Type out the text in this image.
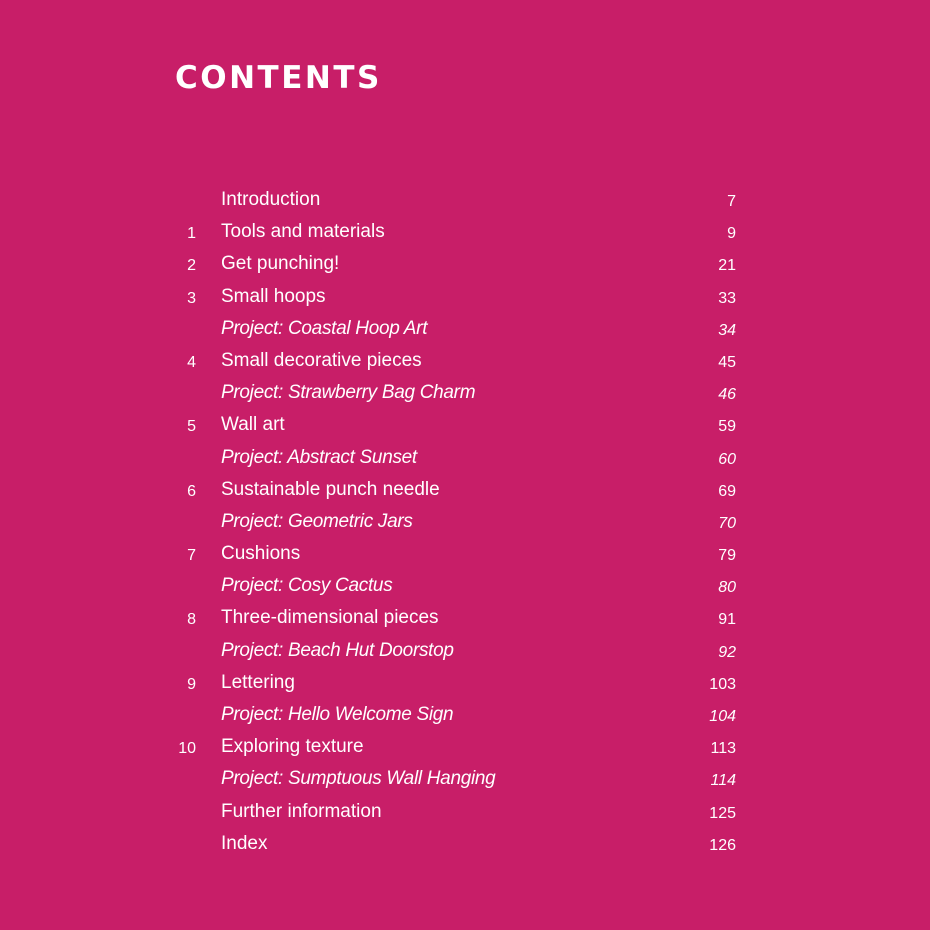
CONTENTS
Introduction	7
1 Tools and materials	9
2 Get punching!	21
3 Small hoops	33
Project: Coastal Hoop Art	34
4 Small decorative pieces	45
Project: Strawberry Bag Charm	46
5 Wall art	59
Project: Abstract Sunset	60
6 Sustainable punch needle	69
Project: Geometric Jars	70
7 Cushions	79
Project: Cosy Cactus	80
8 Three-dimensional pieces	91
Project: Beach Hut Doorstop	92
9 Lettering	103
Project: Hello Welcome Sign	104
10 Exploring texture	113
Project: Sumptuous Wall Hanging	114
Further information	125
Index	126
